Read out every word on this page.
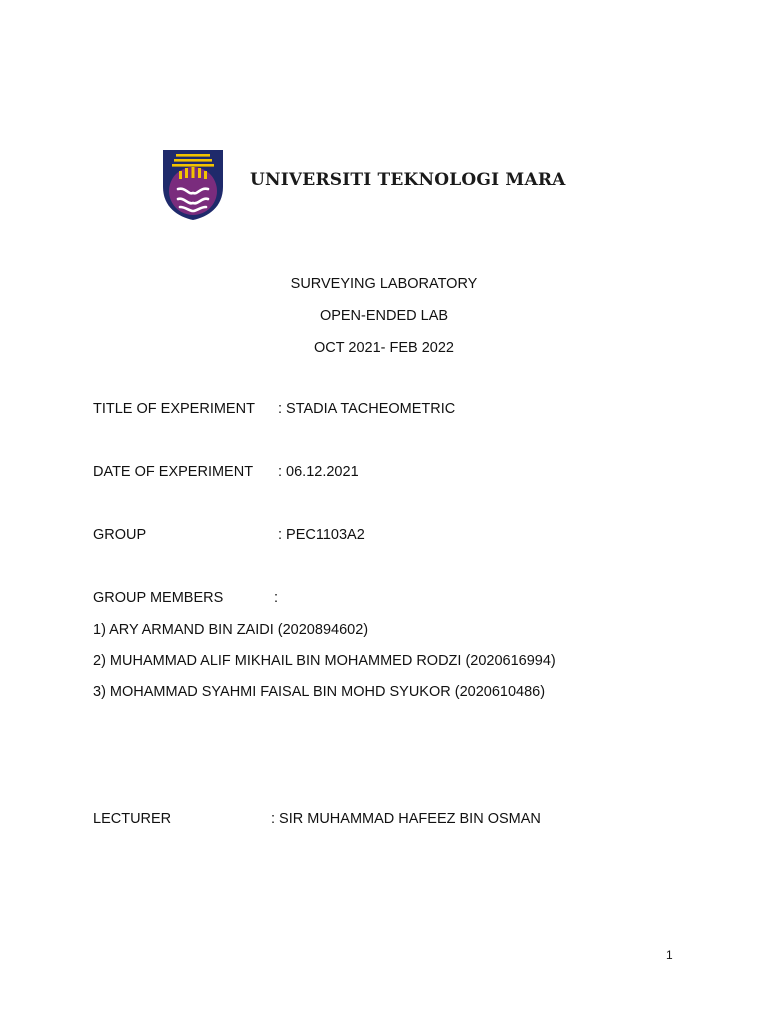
UNIVERSITI TEKNOLOGI MARA
SURVEYING LABORATORY
OPEN-ENDED LAB
OCT 2021- FEB 2022
TITLE OF EXPERIMENT : STADIA TACHEOMETRIC
DATE OF EXPERIMENT : 06.12.2021
GROUP	: PEC1103A2
GROUP MEMBERS	:
1) ARY ARMAND BIN ZAIDI (2020894602)
2) MUHAMMAD ALIF MIKHAIL BIN MOHAMMED RODZI (2020616994)
3) MOHAMMAD SYAHMI FAISAL BIN MOHD SYUKOR (2020610486)
LECTURER	: SIR MUHAMMAD HAFEEZ BIN OSMAN
1
